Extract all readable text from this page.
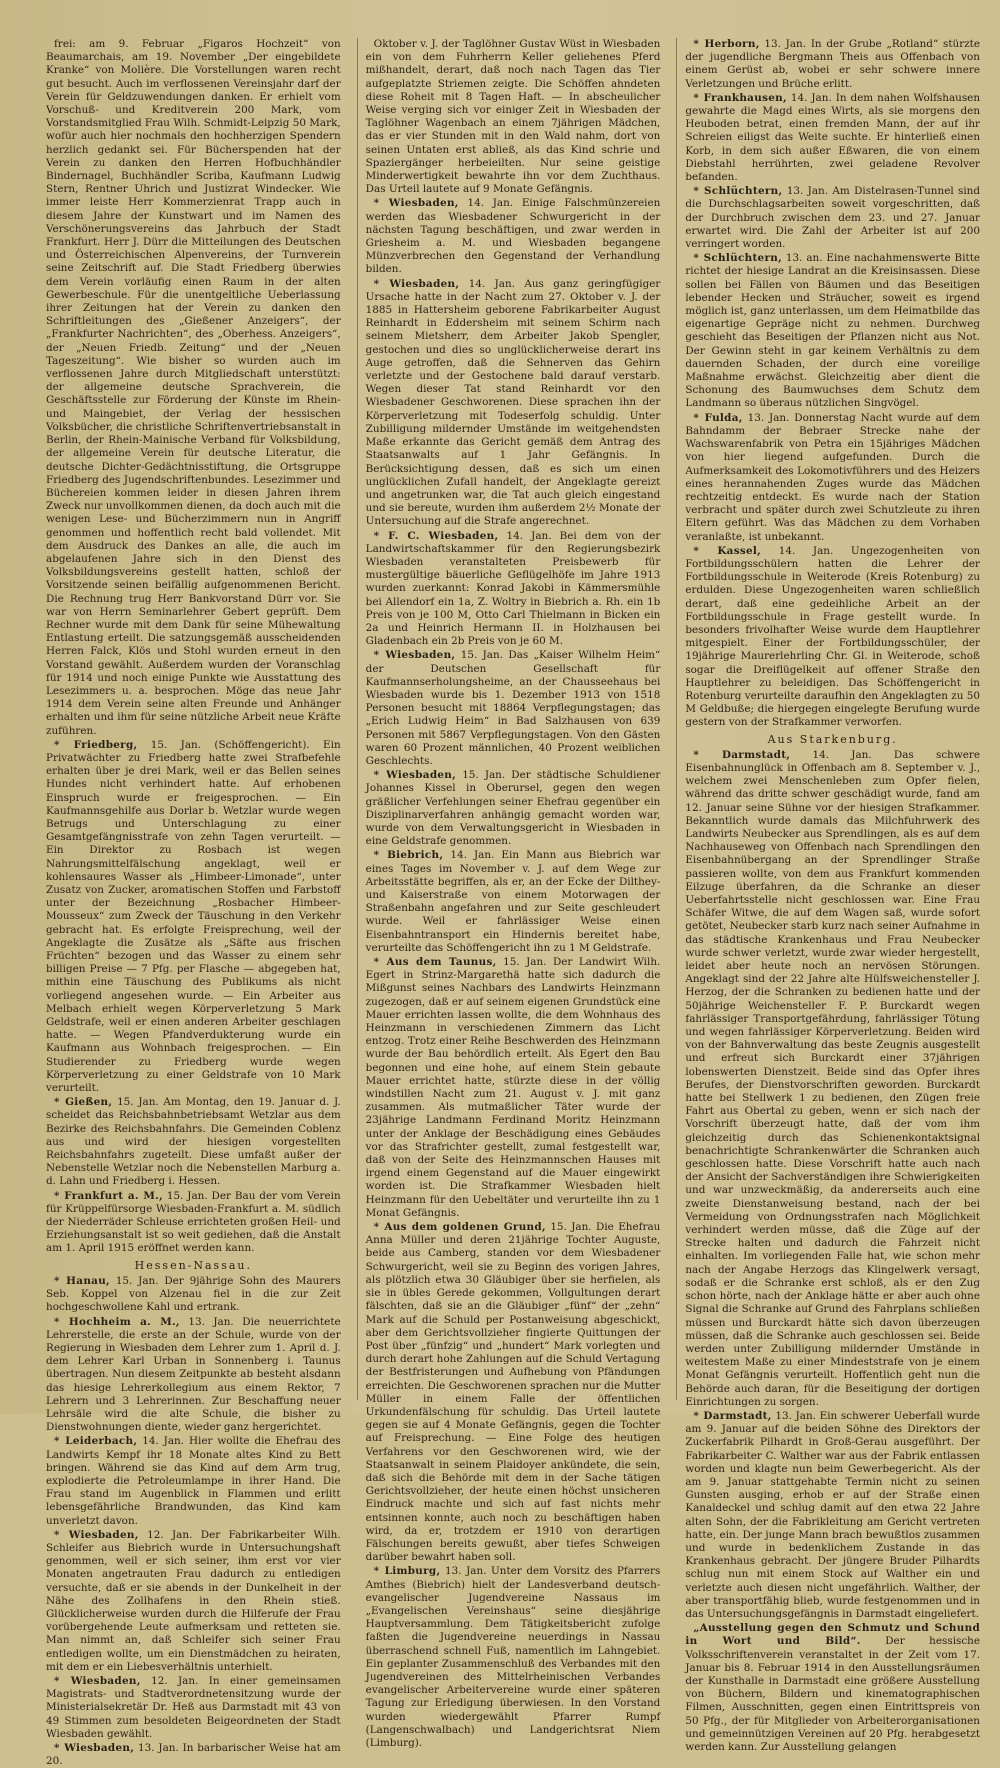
frei: am 9. Februar „Figaros Hochzeit“ von Beaumarchais, am 19. November „Der eingebildete Kranke“ von Molière. Die Vorstellungen waren recht gut besucht. Auch im verflossenen Vereinsjahr darf der Verein für Geldzuwendungen danken. Er erhielt vom Vorschuß- und Kreditverein 200 Mark, vom Vorstandsmitglied Frau Wilh. Schmidt-Leipzig 50 Mark, wofür auch hier nochmals den hochherzigen Spendern herzlich gedankt sei. Für Bücherspenden hat der Verein zu danken den Herren Hofbuchhändler Bindernagel, Buchhändler Scriba, Kaufmann Ludwig Stern, Rentner Uhrich und Justizrat Windecker. Wie immer leiste Herr Kommerzienrat Trapp auch in diesem Jahre der Kunstwart und im Namen des Verschönerungsvereins das Jahrbuch der Stadt Frankfurt. Herr J. Dürr die Mitteilungen des Deutschen und Österreichischen Alpenvereins, der Turnverein seine Zeitschrift auf. Die Stadt Friedberg überwies dem Verein vorläufig einen Raum in der alten Gewerbeschule. Für die unentgeltliche Ueberlassung ihrer Zeitungen hat der Verein zu danken den Schriftleitungen des „Gießener Anzeigers“, der „Frankfurter Nachrichten“, des „Oberhess. Anzeigers“, der „Neuen Friedb. Zeitung“ und der „Neuen Tageszeitung“. Wie bisher so wurden auch im verflossenen Jahre durch Mitgliedschaft unterstützt: der allgemeine deutsche Sprachverein, die Geschäftsstelle zur Förderung der Künste im Rhein- und Maingebiet, der Verlag der hessischen Volksbücher, die christliche Schriftenvertriebsanstalt in Berlin, der Rhein-Mainische Verband für Volksbildung, der allgemeine Verein für deutsche Literatur, die deutsche Dichter-Gedächtnisstiftung, die Ortsgruppe Friedberg des Jugendschriftenbundes. Lesezimmer und Büchereien kommen leider in diesen Jahren ihrem Zweck nur unvollkommen dienen, da doch auch mit die wenigen Lese- und Bücherzimmern nun in Angriff genommen und hoffentlich recht bald vollendet. Mit dem Ausdruck des Dankes an alle, die auch im abgelaufenen Jahre sich in den Dienst des Volksbildungsvereins gestellt hatten, schloß der Vorsitzende seinen beifällig aufgenommenen Bericht. Die Rechnung trug Herr Bankvorstand Dürr vor. Sie war von Herrn Seminarlehrer Gebert geprüft. Dem Rechner wurde mit dem Dank für seine Mühewaltung Entlastung erteilt. Die satzungsgemäß ausscheidenden Herren Falck, Klös und Stohl wurden erneut in den Vorstand gewählt. Außerdem wurden der Voranschlag für 1914 und noch einige Punkte wie Ausstattung des Lesezimmers u. a. besprochen. Möge das neue Jahr 1914 dem Verein seine alten Freunde und Anhänger erhalten und ihm für seine nützliche Arbeit neue Kräfte zuführen.

* Friedberg, 15. Jan. (Schöffengericht). Ein Privatwächter zu Friedberg hatte zwei Strafbefehle erhalten über je drei Mark, weil er das Bellen seines Hundes nicht verhindert hatte. Auf erhobenen Einspruch wurde er freigesprochen. — Ein Kaufmannsgehilfe aus Dorlar b. Wetzlar wurde wegen Betrugs und Unterschlagung zu einer Gesamtgefängnisstrafe von zehn Tagen verurteilt. — Ein Direktor zu Rosbach ist wegen Nahrungsmittelfälschung angeklagt, weil er kohlensaures Wasser als „Himbeer-Limonade“, unter Zusatz von Zucker, aromatischen Stoffen und Farbstoff unter der Bezeichnung „Rosbacher Himbeer-Mousseux“ zum Zweck der Täuschung in den Verkehr gebracht hat. Es erfolgte Freisprechung, weil der Angeklagte die Zusätze als „Säfte aus frischen Früchten“ bezogen und das Wasser zu einem sehr billigen Preise — 7 Pfg. per Flasche — abgegeben hat, mithin eine Täuschung des Publikums als nicht vorliegend angesehen wurde. — Ein Arbeiter aus Melbach erhielt wegen Körperverletzung 5 Mark Geldstrafe, weil er einen anderen Arbeiter geschlagen hatte. — Wegen Pfandverdukterung wurde ein Kaufmann aus Wohnbach freigesprochen. — Ein Studierender zu Friedberg wurde wegen Körperverletzung zu einer Geldstrafe von 10 Mark verurteilt.

* Gießen, 15. Jan. Am Montag, den 19. Januar d. J. scheidet das Reichsbahnbetriebsamt Wetzlar aus dem Bezirke des Reichsbahnfahrs. Die Gemeinden Coblenz aus und wird der hiesigen vorgestellten Reichsbahnfahrs zugeteilt. Diese umfaßt außer der Nebenstelle Wetzlar noch die Nebenstellen Marburg a. d. Lahn und Friedberg i. Hessen.

* Frankfurt a. M., 15. Jan. Der Bau der vom Verein für Krüppelfürsorge Wiesbaden-Frankfurt a. M. südlich der Niederräder Schleuse errichteten großen Heil- und Erziehungsanstalt ist so weit gediehen, daß die Anstalt am 1. April 1915 eröffnet werden kann.

Hessen-Nassau.

* Hanau, 15. Jan. Der 9jährige Sohn des Maurers Seb. Koppel von Alzenau fiel in die zur Zeit hochgeschwollene Kahl und ertrank.

* Hochheim a. M., 13. Jan. Die neuerrichtete Lehrerstelle, die erste an der Schule, wurde von der Regierung in Wiesbaden dem Lehrer zum 1. April d. J. dem Lehrer Karl Urban in Sonnenberg i. Taunus übertragen. Nun diesem Zeitpunkte ab besteht alsdann das hiesige Lehrerkollegium aus einem Rektor, 7 Lehrern und 3 Lehrerinnen. Zur Beschaffung neuer Lehrsäle wird die alte Schule, die bisher zu Dienstwohnungen diente, wieder ganz hergerichtet.

* Leiderbach, 14. Jan. Hier wollte die Ehefrau des Landwirts Kempf ihr 18 Monate altes Kind zu Bett bringen. Während sie das Kind auf dem Arm trug, explodierte die Petroleumlampe in ihrer Hand. Die Frau stand im Augenblick in Flammen und erlitt lebensgefährliche Brandwunden, das Kind kam unverletzt davon.

* Wiesbaden, 12. Jan. Der Fabrikarbeiter Wilh. Schleifer aus Biebrich wurde in Untersuchungshaft genommen, weil er sich seiner, ihm erst vor vier Monaten angetrauten Frau dadurch zu entledigen versuchte, daß er sie abends in der Dunkelheit in der Nähe des Zollhafens in den Rhein stieß. Glücklicherweise wurden durch die Hilferufe der Frau vorübergehende Leute aufmerksam und retteten sie. Man nimmt an, daß Schleifer sich seiner Frau entledigen wollte, um ein Dienstmädchen zu heiraten, mit dem er ein Liebesverhältnis unterhielt.

* Wiesbaden, 12. Jan. In einer gemeinsamen Magistrats- und Stadtverordnetensitzung wurde der Ministerialsekretär Dr. Heß aus Darmstadt mit 43 von 49 Stimmen zum besoldeten Beigeordneten der Stadt Wiesbaden gewählt.

* Wiesbaden, 13. Jan. In barbarischer Weise hat am 20.

Oktober v. J. der Taglöhner Gustav Wüst in Wiesbaden ein von dem Fuhrherrn Keller geliehenes Pferd mißhandelt, derart, daß noch nach Tagen das Tier aufgeplatzte Striemen zeigte. Die Schöffen ahndeten diese Roheit mit 8 Tagen Haft. — In abscheulicher Weise verging sich vor einiger Zeit in Wiesbaden der Taglöhner Wagenbach an einem 7jährigen Mädchen, das er vier Stunden mit in den Wald nahm, dort von seinen Untaten erst abließ, als das Kind schrie und Spaziergänger herbeieilten. Nur seine geistige Minderwertigkeit bewahrte ihn vor dem Zuchthaus. Das Urteil lautete auf 9 Monate Gefängnis.

* Wiesbaden, 14. Jan. Einige Falschmünzereien werden das Wiesbadener Schwurgericht in der nächsten Tagung beschäftigen, und zwar werden in Griesheim a. M. und Wiesbaden begangene Münzverbrechen den Gegenstand der Verhandlung bilden.

* Wiesbaden, 14. Jan. Aus ganz geringfügiger Ursache hatte in der Nacht zum 27. Oktober v. J. der 1885 in Hattersheim geborene Fabrikarbeiter August Reinhardt in Eddersheim mit seinem Schirm nach seinem Mietsherr, dem Arbeiter Jakob Spengler, gestochen und dies so unglücklicherweise derart ins Auge getroffen, daß die Sehnerven das Gehirn verletzte und der Gestochene bald darauf verstarb. Wegen dieser Tat stand Reinhardt vor den Wiesbadener Geschworenen. Diese sprachen ihn der Körperverletzung mit Todeserfolg schuldig. Unter Zubilligung mildernder Umstände im weitgehendsten Maße erkannte das Gericht gemäß dem Antrag des Staatsanwalts auf 1 Jahr Gefängnis. In Berücksichtigung dessen, daß es sich um einen unglücklichen Zufall handelt, der Angeklagte gereizt und angetrunken war, die Tat auch gleich eingestand und sie bereute, wurden ihm außerdem 2½ Monate der Untersuchung auf die Strafe angerechnet.

* F. C. Wiesbaden, 14. Jan. Bei dem von der Landwirtschaftskammer für den Regierungsbezirk Wiesbaden veranstalteten Preisbewerb für mustergültige bäuerliche Geflügelhöfe im Jahre 1913 wurden zuerkannt: Konrad Jakobi in Kämmersmühle bei Allendorf ein 1a, Z. Woltry in Biebrich a. Rh. ein 1b Preis von je 100 M, Otto Carl Thielmann in Bicken ein 2a und Heinrich Hermann II. in Holzhausen bei Gladenbach ein 2b Preis von je 60 M.

* Wiesbaden, 15. Jan. Das „Kaiser Wilhelm Heim“ der Deutschen Gesellschaft für Kaufmannserholungsheime, an der Chausseehaus bei Wiesbaden wurde bis 1. Dezember 1913 von 1518 Personen besucht mit 18864 Verpflegungstagen; das „Erich Ludwig Heim“ in Bad Salzhausen von 639 Personen mit 5867 Verpflegungstagen. Von den Gästen waren 60 Prozent männlichen, 40 Prozent weiblichen Geschlechts.

* Wiesbaden, 15. Jan. Der städtische Schuldiener Johannes Kissel in Oberursel, gegen den wegen gräßlicher Verfehlungen seiner Ehefrau gegenüber ein Disziplinarverfahren anhängig gemacht worden war, wurde von dem Verwaltungsgericht in Wiesbaden in eine Geldstrafe genommen.

* Biebrich, 14. Jan. Ein Mann aus Biebrich war eines Tages im November v. J. auf dem Wege zur Arbeitsstätte begriffen, als er, an der Ecke der Dilthey- und Kaiserstraße von einem Motorwagen der Straßenbahn angefahren und zur Seite geschleudert wurde. Weil er fahrlässiger Weise einen Eisenbahntransport ein Hindernis bereitet habe, verurteilte das Schöffengericht ihn zu 1 M Geldstrafe.

* Aus dem Taunus, 15. Jan. Der Landwirt Wilh. Egert in Strinz-Margarethä hatte sich dadurch die Mißgunst seines Nachbars des Landwirts Heinzmann zugezogen, daß er auf seinem eigenen Grundstück eine Mauer errichten lassen wollte, die dem Wohnhaus des Heinzmann in verschiedenen Zimmern das Licht entzog. Trotz einer Reihe Beschwerden des Heinzmann wurde der Bau behördlich erteilt. Als Egert den Bau begonnen und eine hohe, auf einem Stein gebaute Mauer errichtet hatte, stürzte diese in der völlig windstillen Nacht zum 21. August v. J. mit ganz zusammen. Als mutmaßlicher Täter wurde der 23jährige Landmann Ferdinand Moritz Heinzmann unter der Anklage der Beschädigung eines Gebäudes vor das Strafrichter gestellt, zumal festgestellt war, daß von der Seite des Heinzmannschen Hauses mit irgend einem Gegenstand auf die Mauer eingewirkt worden ist. Die Strafkammer Wiesbaden hielt Heinzmann für den Uebeltäter und verurteilte ihn zu 1 Monat Gefängnis.

* Aus dem goldenen Grund, 15. Jan. Die Ehefrau Anna Müller und deren 21jährige Tochter Auguste, beide aus Camberg, standen vor dem Wiesbadener Schwurgericht, weil sie zu Beginn des vorigen Jahres, als plötzlich etwa 30 Gläubiger über sie herfielen, als sie in übles Gerede gekommen, Vollgultungen derart fälschten, daß sie an die Gläubiger „fünf“ der „zehn“ Mark auf die Schuld per Postanweisung abgeschickt, aber dem Gerichtsvollzieher fingierte Quittungen der Post über „fünfzig“ und „hundert“ Mark vorlegten und durch derart hohe Zahlungen auf die Schuld Vertagung der Bestfristerungen und Aufhebung von Pfändungen erreichten. Die Geschworenen sprachen nur die Mutter Müller in einem Falle der öffentlichen Urkundenfälschung für schuldig. Das Urteil lautete gegen sie auf 4 Monate Gefängnis, gegen die Tochter auf Freisprechung. — Eine Folge des heutigen Verfahrens vor den Geschworenen wird, wie der Staatsanwalt in seinem Plaidoyer ankündete, die sein, daß sich die Behörde mit dem in der Sache tätigen Gerichtsvollzieher, der heute einen höchst unsicheren Eindruck machte und sich auf fast nichts mehr entsinnen konnte, auch noch zu beschäftigen haben wird, da er, trotzdem er 1910 von derartigen Fälschungen bereits gewußt, aber tiefes Schweigen darüber bewahrt haben soll.

* Limburg, 13. Jan. Unter dem Vorsitz des Pfarrers Amthes (Biebrich) hielt der Landesverband deutsch-evangelischer Jugendvereine Nassaus im „Evangelischen Vereinshaus“ seine diesjährige Hauptversammlung. Dem Tätigkeitsbericht zufolge faßten die Jugendvereine neuerdings in Nassau überraschend schnell Fuß, namentlich im Lahngebiet. Ein geplanter Zusammenschluß des Verbandes mit den Jugendvereinen des Mittelrheinischen Verbandes evangelischer Arbeitervereine wurde einer späteren Tagung zur Erledigung überwiesen. In den Vorstand wurden wiedergewählt Pfarrer Rumpf (Langenschwalbach) und Landgerichtsrat Niem (Limburg).

* Herborn, 13. Jan. In der Grube „Rotland“ stürzte der jugendliche Bergmann Theis aus Offenbach von einem Gerüst ab, wobei er sehr schwere innere Verletzungen und Brüche erlitt.

* Frankhausen, 14. Jan. In dem nahen Wolfshausen gewahrte die Magd eines Wirts, als sie morgens den Heuboden betrat, einen fremden Mann, der auf ihr Schreien eiligst das Weite suchte. Er hinterließ einen Korb, in dem sich außer Eßwaren, die von einem Diebstahl herrührten, zwei geladene Revolver befanden.

* Schlüchtern, 13. Jan. Am Distelrasen-Tunnel sind die Durchschlagsarbeiten soweit vorgeschritten, daß der Durchbruch zwischen dem 23. und 27. Januar erwartet wird. Die Zahl der Arbeiter ist auf 200 verringert worden.

* Schlüchtern, 13. an. Eine nachahmenswerte Bitte richtet der hiesige Landrat an die Kreisinsassen. Diese sollen bei Fällen von Bäumen und das Beseitigen lebender Hecken und Sträucher, soweit es irgend möglich ist, ganz unterlassen, um dem Heimatbilde das eigenartige Gepräge nicht zu nehmen. Durchweg geschieht das Beseitigen der Pflanzen nicht aus Not. Der Gewinn steht in gar keinem Verhältnis zu dem dauernden Schaden, der durch eine voreilige Maßnahme erwächst. Gleichzeitig aber dient die Schonung des Baumwuchses dem Schutz dem Landmann so überaus nützlichen Singvögel.

* Fulda, 13. Jan. Donnerstag Nacht wurde auf dem Bahndamm der Bebraer Strecke nahe der Wachswarenfabrik von Petra ein 15jähriges Mädchen von hier liegend aufgefunden. Durch die Aufmerksamkeit des Lokomotivführers und des Heizers eines herannahenden Zuges wurde das Mädchen rechtzeitig entdeckt. Es wurde nach der Station verbracht und später durch zwei Schutzleute zu ihren Eltern geführt. Was das Mädchen zu dem Vorhaben veranlaßte, ist unbekannt.

* Kassel, 14. Jan. Ungezogenheiten von Fortbildungsschülern hatten die Lehrer der Fortbildungsschule in Weiterode (Kreis Rotenburg) zu erdulden. Diese Ungezogenheiten waren schließlich derart, daß eine gedeihliche Arbeit an der Fortbildungsschule in Frage gestellt wurde. In besonders frivolhafter Weise wurde dem Hauptlehrer mitgespielt. Einer der Fortbildungsschüler, der 19jährige Maurerlehrling Chr. Gl. in Weiterode, schoß sogar die Dreiflügelkeit auf offener Straße den Hauptlehrer zu beleidigen. Das Schöffengericht in Rotenburg verurteilte daraufhin den Angeklagten zu 50 M Geldbuße; die hiergegen eingelegte Berufung wurde gestern von der Strafkammer verworfen.

Aus Starkenburg.

* Darmstadt, 14. Jan. Das schwere Eisenbahnunglück in Offenbach am 8. September v. J., welchem zwei Menschenleben zum Opfer fielen, während das dritte schwer geschädigt wurde, fand am 12. Januar seine Sühne vor der hiesigen Strafkammer. Bekanntlich wurde damals das Milchfuhrwerk des Landwirts Neubecker aus Sprendlingen, als es auf dem Nachhauseweg von Offenbach nach Sprendlingen den Eisenbahnübergang an der Sprendlinger Straße passieren wollte, von dem aus Frankfurt kommenden Eilzuge überfahren, da die Schranke an dieser Ueberfahrtsstelle nicht geschlossen war. Eine Frau Schäfer Witwe, die auf dem Wagen saß, wurde sofort getötet, Neubecker starb kurz nach seiner Aufnahme in das städtische Krankenhaus und Frau Neubecker wurde schwer verletzt, wurde zwar wieder hergestellt, leidet aber heute noch an nervösen Störungen. Angeklagt sind der 22 Jahre alte Hülfsweichensteller J. Herzog, der die Schranken zu bedienen hatte und der 50jährige Weichensteller F. P. Burckardt wegen fahrlässiger Transportgefährdung, fahrlässiger Tötung und wegen fahrlässiger Körperverletzung. Beiden wird von der Bahnverwaltung das beste Zeugnis ausgestellt und erfreut sich Burckardt einer 37jährigen lobenswerten Dienstzeit. Beide sind das Opfer ihres Berufes, der Dienstvorschriften geworden. Burckardt hatte bei Stellwerk 1 zu bedienen, den Zügen freie Fahrt aus Obertal zu geben, wenn er sich nach der Vorschrift überzeugt hatte, daß der vom ihm gleichzeitig durch das Schienenkontaktsignal benachrichtigte Schrankenwärter die Schranken auch geschlossen hatte. Diese Vorschrift hatte auch nach der Ansicht der Sachverständigen ihre Schwierigkeiten und war unzweckmäßig, da andererseits auch eine zweite Dienstanweisung bestand, nach der bei Vermeidung von Ordnungsstrafen nach Möglichkeit verhindert werden müsse, daß die Züge auf der Strecke halten und dadurch die Fahrzeit nicht einhalten. Im vorliegenden Falle hat, wie schon mehr nach der Angabe Herzogs das Klingelwerk versagt, sodaß er die Schranke erst schloß, als er den Zug schon hörte, nach der Anklage hätte er aber auch ohne Signal die Schranke auf Grund des Fahrplans schließen müssen und Burckardt hätte sich davon überzeugen müssen, daß die Schranke auch geschlossen sei. Beide werden unter Zubilligung mildernder Umstände in weitestem Maße zu einer Mindeststrafe von je einem Monat Gefängnis verurteilt. Hoffentlich geht nun die Behörde auch daran, für die Beseitigung der dortigen Einrichtungen zu sorgen.

* Darmstadt, 13. Jan. Ein schwerer Ueberfall wurde am 9. Januar auf die beiden Söhne des Direktors der Zuckerfabrik Pilhardt in Groß-Gerau ausgeführt. Der Fabrikarbeiter C. Walther war aus der Fabrik entlassen worden und klagte nun beim Gewerbegericht. Als der am 9. Januar stattgehabte Termin nicht zu seinen Gunsten ausging, erhob er auf der Straße einen Kanaldeckel und schlug damit auf den etwa 22 Jahre alten Sohn, der die Fabrikleitung am Gericht vertreten hatte, ein. Der junge Mann brach bewußtlos zusammen und wurde in bedenklichem Zustande in das Krankenhaus gebracht. Der jüngere Bruder Pilhardts schlug nun mit einem Stock auf Walther ein und verletzte auch diesen nicht ungefährlich. Walther, der aber transportfähig blieb, wurde festgenommen und in das Untersuchungsgefängnis in Darmstadt eingeliefert.

„Ausstellung gegen den Schmutz und Schund in Wort und Bild“. Der hessische Volksschriftenverein veranstaltet in der Zeit vom 17. Januar bis 8. Februar 1914 in den Ausstellungsräumen der Kunsthalle in Darmstadt eine größere Ausstellung von Büchern, Bildern und kinematographischen Filmen, Ausschnitten, gegen einen Eintrittspreis von 50 Pfg., der für Mitglieder von Arbeiterorganisationen und gemeinnützigen Vereinen auf 20 Pfg. herabgesetzt werden kann. Zur Ausstellung gelangen
